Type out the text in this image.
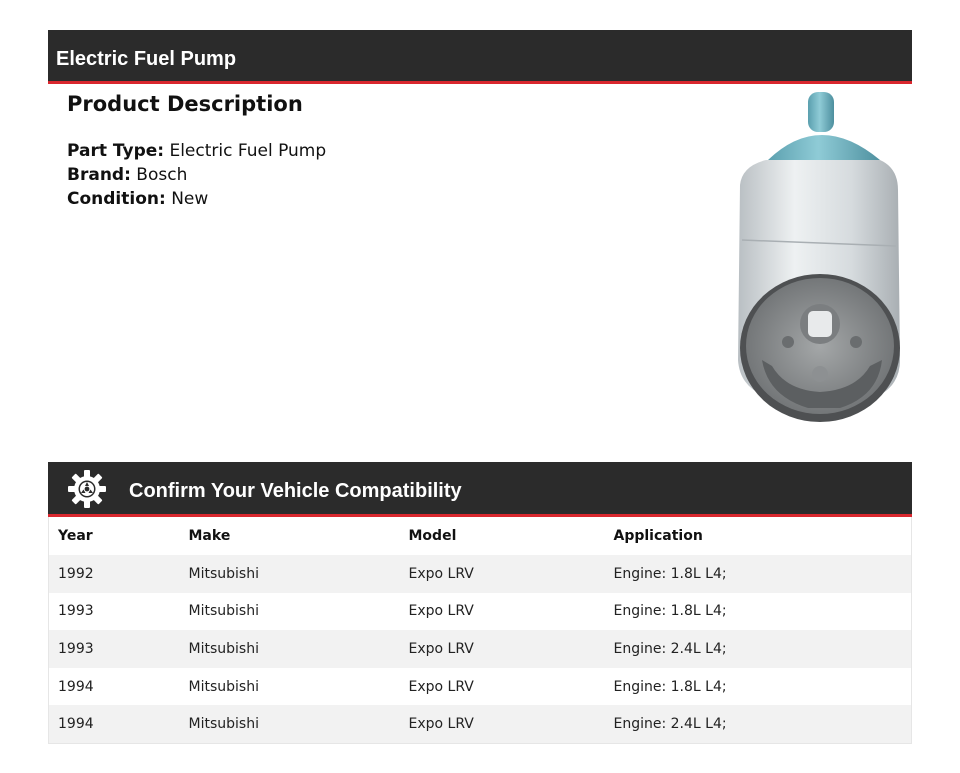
Electric Fuel Pump
Product Description
Part Type: Electric Fuel Pump
Brand: Bosch
Condition: New
Confirm Your Vehicle Compatibility
Year	Make	Model	Application
1992	Mitsubishi	Expo LRV	Engine: 1.8L L4;
1993	Mitsubishi	Expo LRV	Engine: 1.8L L4;
1993	Mitsubishi	Expo LRV	Engine: 2.4L L4;
1994	Mitsubishi	Expo LRV	Engine: 1.8L L4;
1994	Mitsubishi	Expo LRV	Engine: 2.4L L4;
